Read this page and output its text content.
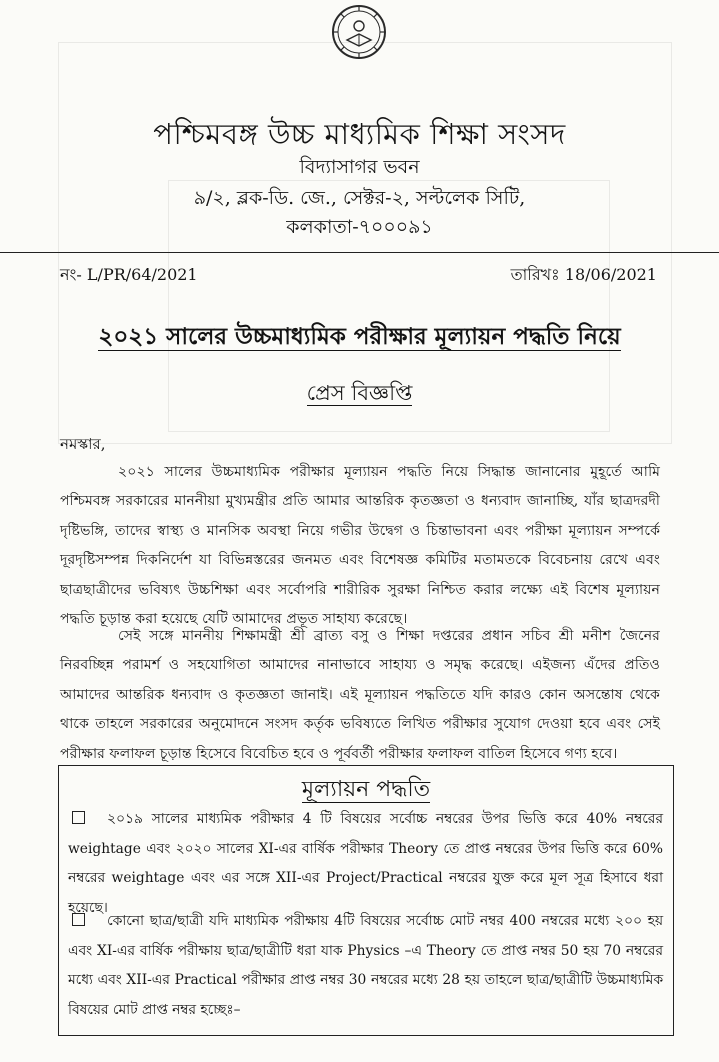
পশ্চিমবঙ্গ উচ্চ মাধ্যমিক শিক্ষা সংসদ
বিদ্যাসাগর ভবন
৯/২, ব্লক-ডি. জে., সেক্টর-২, সল্টলেক সিটি,
কলকাতা-৭০০০৯১
নং- L/PR/64/2021	তারিখঃ 18/06/2021
২০২১ সালের উচ্চমাধ্যমিক পরীক্ষার মূল্যায়ন পদ্ধতি নিয়ে
প্রেস বিজ্ঞপ্তি
নমস্কার,
২০২১ সালের উচ্চমাধ্যমিক পরীক্ষার মূল্যায়ন পদ্ধতি নিয়ে সিদ্ধান্ত জানানোর মুহূর্তে আমি পশ্চিমবঙ্গ সরকারের মাননীয়া মুখ্যমন্ত্রীর প্রতি আমার আন্তরিক কৃতজ্ঞতা ও ধন্যবাদ জানাচ্ছি, যাঁর ছাত্রদরদী দৃষ্টিভঙ্গি, তাদের স্বাস্থ্য ও মানসিক অবস্থা নিয়ে গভীর উদ্বেগ ও চিন্তাভাবনা এবং পরীক্ষা মূল্যায়ন সম্পর্কে দূরদৃষ্টিসম্পন্ন দিকনির্দেশ যা বিভিন্নস্তরের জনমত এবং বিশেষজ্ঞ কমিটির মতামতকে বিবেচনায় রেখে এবং ছাত্রছাত্রীদের ভবিষ্যৎ উচ্চশিক্ষা এবং সর্বোপরি শারীরিক সুরক্ষা নিশ্চিত করার লক্ষ্যে এই বিশেষ মূল্যায়ন পদ্ধতি চূড়ান্ত করা হয়েছে যেটি আমাদের প্রভূত সাহায্য করেছে।
সেই সঙ্গে মাননীয় শিক্ষামন্ত্রী শ্রী ব্রাত্য বসু ও শিক্ষা দপ্তরের প্রধান সচিব শ্রী মনীশ জৈনের নিরবচ্ছিন্ন পরামর্শ ও সহযোগিতা আমাদের নানাভাবে সাহায্য ও সমৃদ্ধ করেছে। এইজন্য এঁদের প্রতিও আমাদের আন্তরিক ধন্যবাদ ও কৃতজ্ঞতা জানাই। এই মূল্যায়ন পদ্ধতিতে যদি কারও কোন অসন্তোষ থেকে থাকে তাহলে সরকারের অনুমোদনে সংসদ কর্তৃক ভবিষ্যতে লিখিত পরীক্ষার সুযোগ দেওয়া হবে এবং সেই পরীক্ষার ফলাফল চূড়ান্ত হিসেবে বিবেচিত হবে ও পূর্ববর্তী পরীক্ষার ফলাফল বাতিল হিসেবে গণ্য হবে।
মূল্যায়ন পদ্ধতি
২০১৯ সালের মাধ্যমিক পরীক্ষার 4 টি বিষয়ের সর্বোচ্চ নম্বরের উপর ভিত্তি করে 40% নম্বরের weightage এবং ২০২০ সালের XI-এর বার্ষিক পরীক্ষার Theory তে প্রাপ্ত নম্বরের উপর ভিত্তি করে 60% নম্বরের weightage এবং এর সঙ্গে XII-এর Project/Practical নম্বরের যুক্ত করে মূল সূত্র হিসাবে ধরা হয়েছে।
কোনো ছাত্র/ছাত্রী যদি মাধ্যমিক পরীক্ষায় 4টি বিষয়ের সর্বোচ্চ মোট নম্বর 400 নম্বরের মধ্যে ২০০ হয় এবং XI-এর বার্ষিক পরীক্ষায় ছাত্র/ছাত্রীটি ধরা যাক Physics –এ Theory তে প্রাপ্ত নম্বর 50 হয় 70 নম্বরের মধ্যে এবং XII-এর Practical পরীক্ষার প্রাপ্ত নম্বর 30 নম্বরের মধ্যে 28 হয় তাহলে ছাত্র/ছাত্রীটি উচ্চমাধ্যমিক বিষয়ের মোট প্রাপ্ত নম্বর হচ্ছেঃ–
